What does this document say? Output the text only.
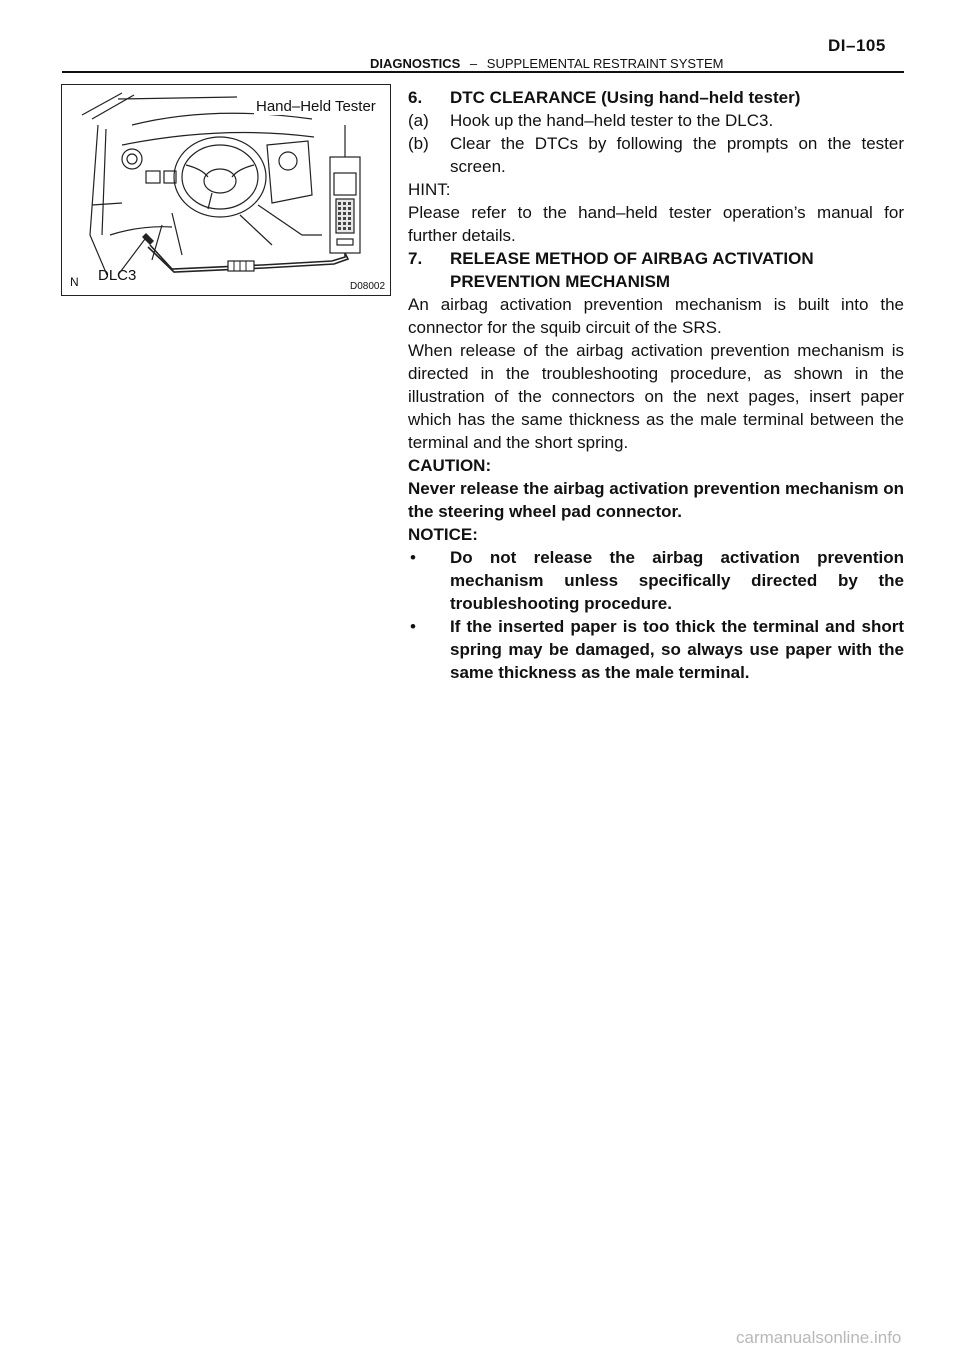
DI–105
DIAGNOSTICS – SUPPLEMENTAL RESTRAINT SYSTEM
Hand–Held Tester
DLC3
N	D08002
6.	DTC CLEARANCE (Using hand–held tester)
(a)	Hook up the hand–held tester to the DLC3.
(b)	Clear the DTCs by following the prompts on the tester screen.
HINT:
Please refer to the hand–held tester operation’s manual for further details.
7.	RELEASE METHOD OF AIRBAG ACTIVATION PREVENTION MECHANISM
An airbag activation prevention mechanism is built into the connector for the squib circuit of the SRS.
When release of the airbag activation prevention mechanism is directed in the troubleshooting procedure, as shown in the illustration of the connectors on the next pages, insert paper which has the same thickness as the male terminal between the terminal and the short spring.
CAUTION:
Never release the airbag activation prevention mechanism on the steering wheel pad connector.
NOTICE:
•	Do not release the airbag activation prevention mechanism unless specifically directed by the troubleshooting procedure.
•	If the inserted paper is too thick the terminal and short spring may be damaged, so always use paper with the same thickness as the male terminal.
carmanualsonline.info
